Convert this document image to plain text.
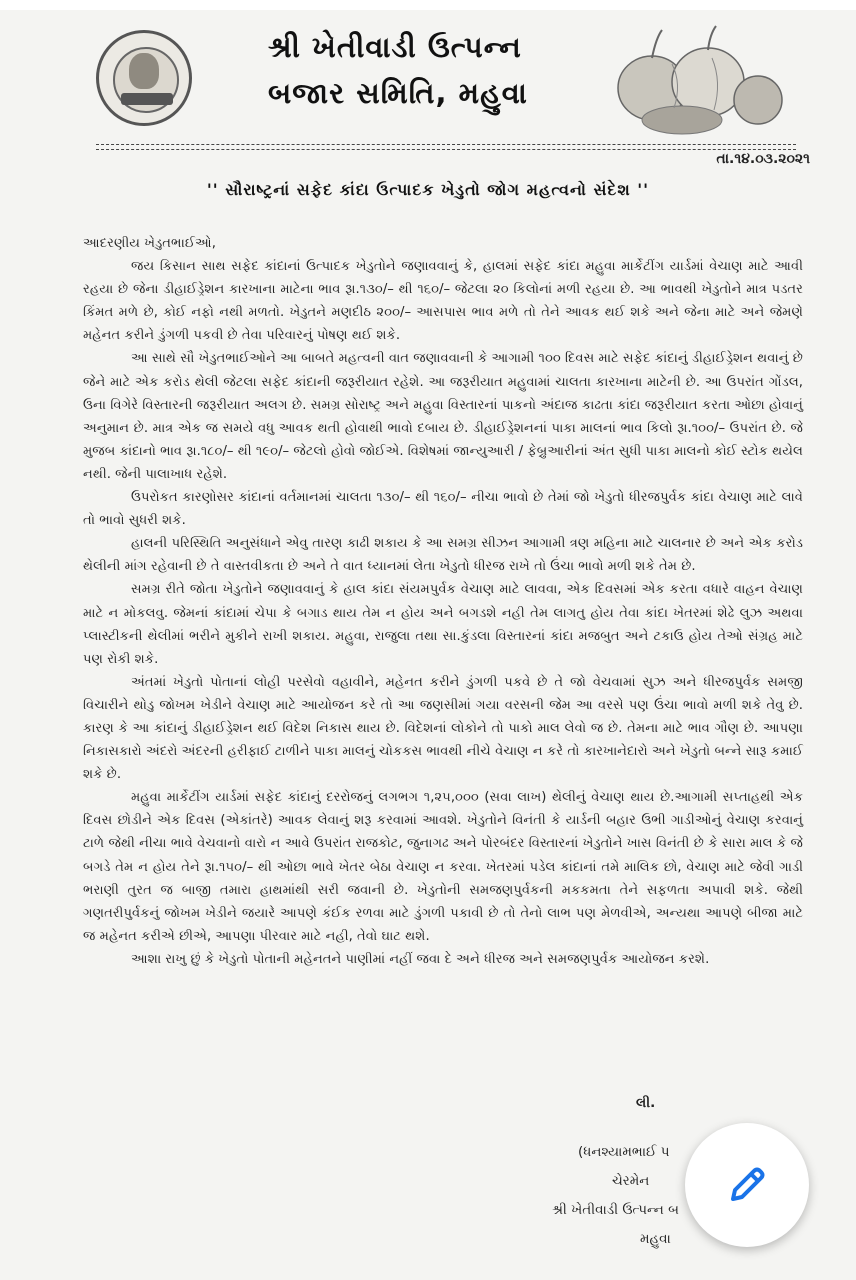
શ્રી ખેતીવાડી ઉત્પન્ન
બજાર સમિતિ, મહુવા
તા.૧૪.૦૩.૨૦૨૧
'' સૌરાષ્ટ્રનાં સફેદ કાંદા ઉત્પાદક ખેડુતો જોગ મહત્વનો સંદેશ ''

આદરણીય ખેડુતભાઈઓ,

જય કિસાન સાથ સફેદ કાંદાનાં ઉત્પાદક ખેડુતોને જણાવવાનું કે, હાલમાં સફેદ કાંદા મહુવા માર્કેટીંગ યાર્ડમાં વેચાણ માટે આવી રહયા છે જેના ડીહાઈડ્રેશન કારખાના માટેના ભાવ રૂા.૧૩૦/– થી ૧૬૦/– જેટલા ૨૦ કિલોનાં મળી રહયા છે. આ ભાવથી ખેડુતોને માત્ર પડતર કિંમત મળે છે, કોઈ નફો નથી મળતો. ખેડુતને મણદીઠ ૨૦૦/– આસપાસ ભાવ મળે તો તેને આવક થઈ શકે અને જેના માટે અને જેમણે મહેનત કરીને ડુંગળી પકવી છે તેવા પરિવારનું પોષણ થઈ શકે.

આ સાથે સૌ ખેડુતભાઈઓને આ બાબતે મહત્વની વાત જણાવવાની કે આગામી ૧૦૦ દિવસ માટે સફેદ કાંદાનું ડીહાઈડ્રેશન થવાનું છે જેને માટે એક કરોડ થેલી જેટલા સફેદ કાંદાની જરૂરીયાત રહેશે. આ જરૂરીયાત મહુવામાં ચાલતા કારખાના માટેની છે. આ ઉપરાંત ગોંડલ, ઉના વિગેરે વિસ્તારની જરૂરીયાત અલગ છે. સમગ્ર સોરાષ્ટ્ર અને મહુવા વિસ્તારનાં પાકનો અંદાજ કાઢતા કાંદા જરૂરીયાત કરતા ઓછા હોવાનું અનુમાન છે. માત્ર એક જ સમયે વધુ આવક થતી હોવાથી ભાવો દબાય છે. ડીહાઈડ્રેશનનાં પાકા માલનાં ભાવ કિલો રૂા.૧૦૦/– ઉપરાંત છે. જે મુજબ કાંદાનો ભાવ રૂા.૧૮૦/– થી ૧૯૦/– જેટલો હોવો જોઈએ. વિશેષમાં જાન્યુઆરી / ફેબ્રુઆરીનાં અંત સુધી પાકા માલનો કોઈ સ્ટોક થયેલ નથી. જેની પાલાખાધ રહેશે.

ઉપરોકત કારણોસર કાંદાનાં વર્તમાનમાં ચાલતા ૧૩૦/– થી ૧૬૦/– નીચા ભાવો છે તેમાં જો ખેડુતો ધીરજપુર્વક કાંદા વેચાણ માટે લાવે તો ભાવો સુધરી શકે.

હાલની પરિસ્થિતિ અનુસંધાને એવુ તારણ કાઢી શકાય કે આ સમગ્ર સીઝન આગામી ત્રણ મહિના માટે ચાલનાર છે અને એક કરોડ થેલીની માંગ રહેવાની છે તે વાસ્તવીકતા છે અને તે વાત ધ્યાનમાં લેતા ખેડુતો ધીરજ રાખે તો ઉંચા ભાવો મળી શકે તેમ છે.

સમગ્ર રીતે જોતા ખેડુતોને જણાવવાનું કે હાલ કાંદા સંયમપુર્વક વેચાણ માટે લાવવા, એક દિવસમાં એક કરતા વધારે વાહન વેચાણ માટે ન મોકલવુ. જેમનાં કાંદામાં ચેપા કે બગાડ થાય તેમ ન હોય અને બગડશે નહી તેમ લાગતુ હોય તેવા કાંદા ખેતરમાં શેઢે લુઝ અથવા પ્લાસ્ટીકની થેલીમાં ભરીને મુકીને રાખી શકાય. મહુવા, રાજુલા તથા સા.કુંડલા વિસ્તારનાં કાંદા મજબુત અને ટકાઉ હોય તેઓ સંગ્રહ માટે પણ રોકી શકે.

અંતમાં ખેડુતો પોતાનાં લોહી પરસેવો વહાવીને, મહેનત કરીને ડુંગળી પકવે છે તે જો વેચવામાં સુઝ અને ધીરજપુર્વક સમજી વિચારીને થોડુ જોખમ ખેડીને વેચાણ માટે આયોજન કરે તો આ જણસીમાં ગયા વરસની જેમ આ વરસે પણ ઉંચા ભાવો મળી શકે તેવુ છે. કારણ કે આ કાંદાનું ડીહાઈડ્રેશન થઈ વિદેશ નિકાસ થાય છે. વિદેશનાં લોકોને તો પાકો માલ લેવો જ છે. તેમના માટે ભાવ ગૌણ છે. આપણા નિકાસકારો અંદરો અંદરની હરીફાઈ ટાળીને પાકા માલનું ચોકકસ ભાવથી નીચે વેચાણ ન કરે તો કારખાનેદારો અને ખેડુતો બન્ને સારૂ કમાઈ શકે છે.

મહુવા માર્કેટીંગ યાર્ડમાં સફેદ કાંદાનું દરરોજનું લગભગ ૧,૨૫,૦૦૦ (સવા લાખ) થેલીનું વેચાણ થાય છે.આગામી સપ્તાહથી એક દિવસ છોડીને એક દિવસ (એકાંતરે) આવક લેવાનું શરૂ કરવામાં આવશે. ખેડુતોને વિનંતી કે યાર્ડની બહાર ઉભી ગાડીઓનું વેચાણ કરવાનું ટાળે જેથી નીચા ભાવે વેચવાનો વારો ન આવે ઉપરાંત રાજકોટ, જુનાગઢ અને પોરબંદર વિસ્તારનાં ખેડુતોને ખાસ વિનંતી છે કે સારા માલ કે જે બગડે તેમ ન હોય તેને રૂા.૧૫૦/– થી ઓછા ભાવે ખેતર બેઠા વેચાણ ન કરવા. ખેતરમાં પડેલ કાંદાનાં તમે માલિક છો, વેચાણ માટે જેવી ગાડી ભરાણી તુરત જ બાજી તમારા હાથમાંથી સરી જવાની છે. ખેડુતોની સમજણપુર્વકની મકકમતા તેને સફળતા અપાવી શકે. જેથી ગણતરીપુર્વકનું જોખમ ખેડીને જયારે આપણે કંઈક રળવા માટે ડુંગળી પકાવી છે તો તેનો લાભ પણ મેળવીએ, અન્યથા આપણે બીજા માટે જ મહેનત કરીએ છીએ, આપણા પીરવાર માટે નહી, તેવો ઘાટ થશે.

આશા રાખુ છું કે ખેડુતો પોતાની મહેનતને પાણીમાં નહીં જવા દે અને ધીરજ અને સમજણપુર્વક આયોજન કરશે.

લી.
(ધનશ્યામભાઈ પ
ચેરમેન
શ્રી ખેતીવાડી ઉત્પન્ન બ
મહુવા
